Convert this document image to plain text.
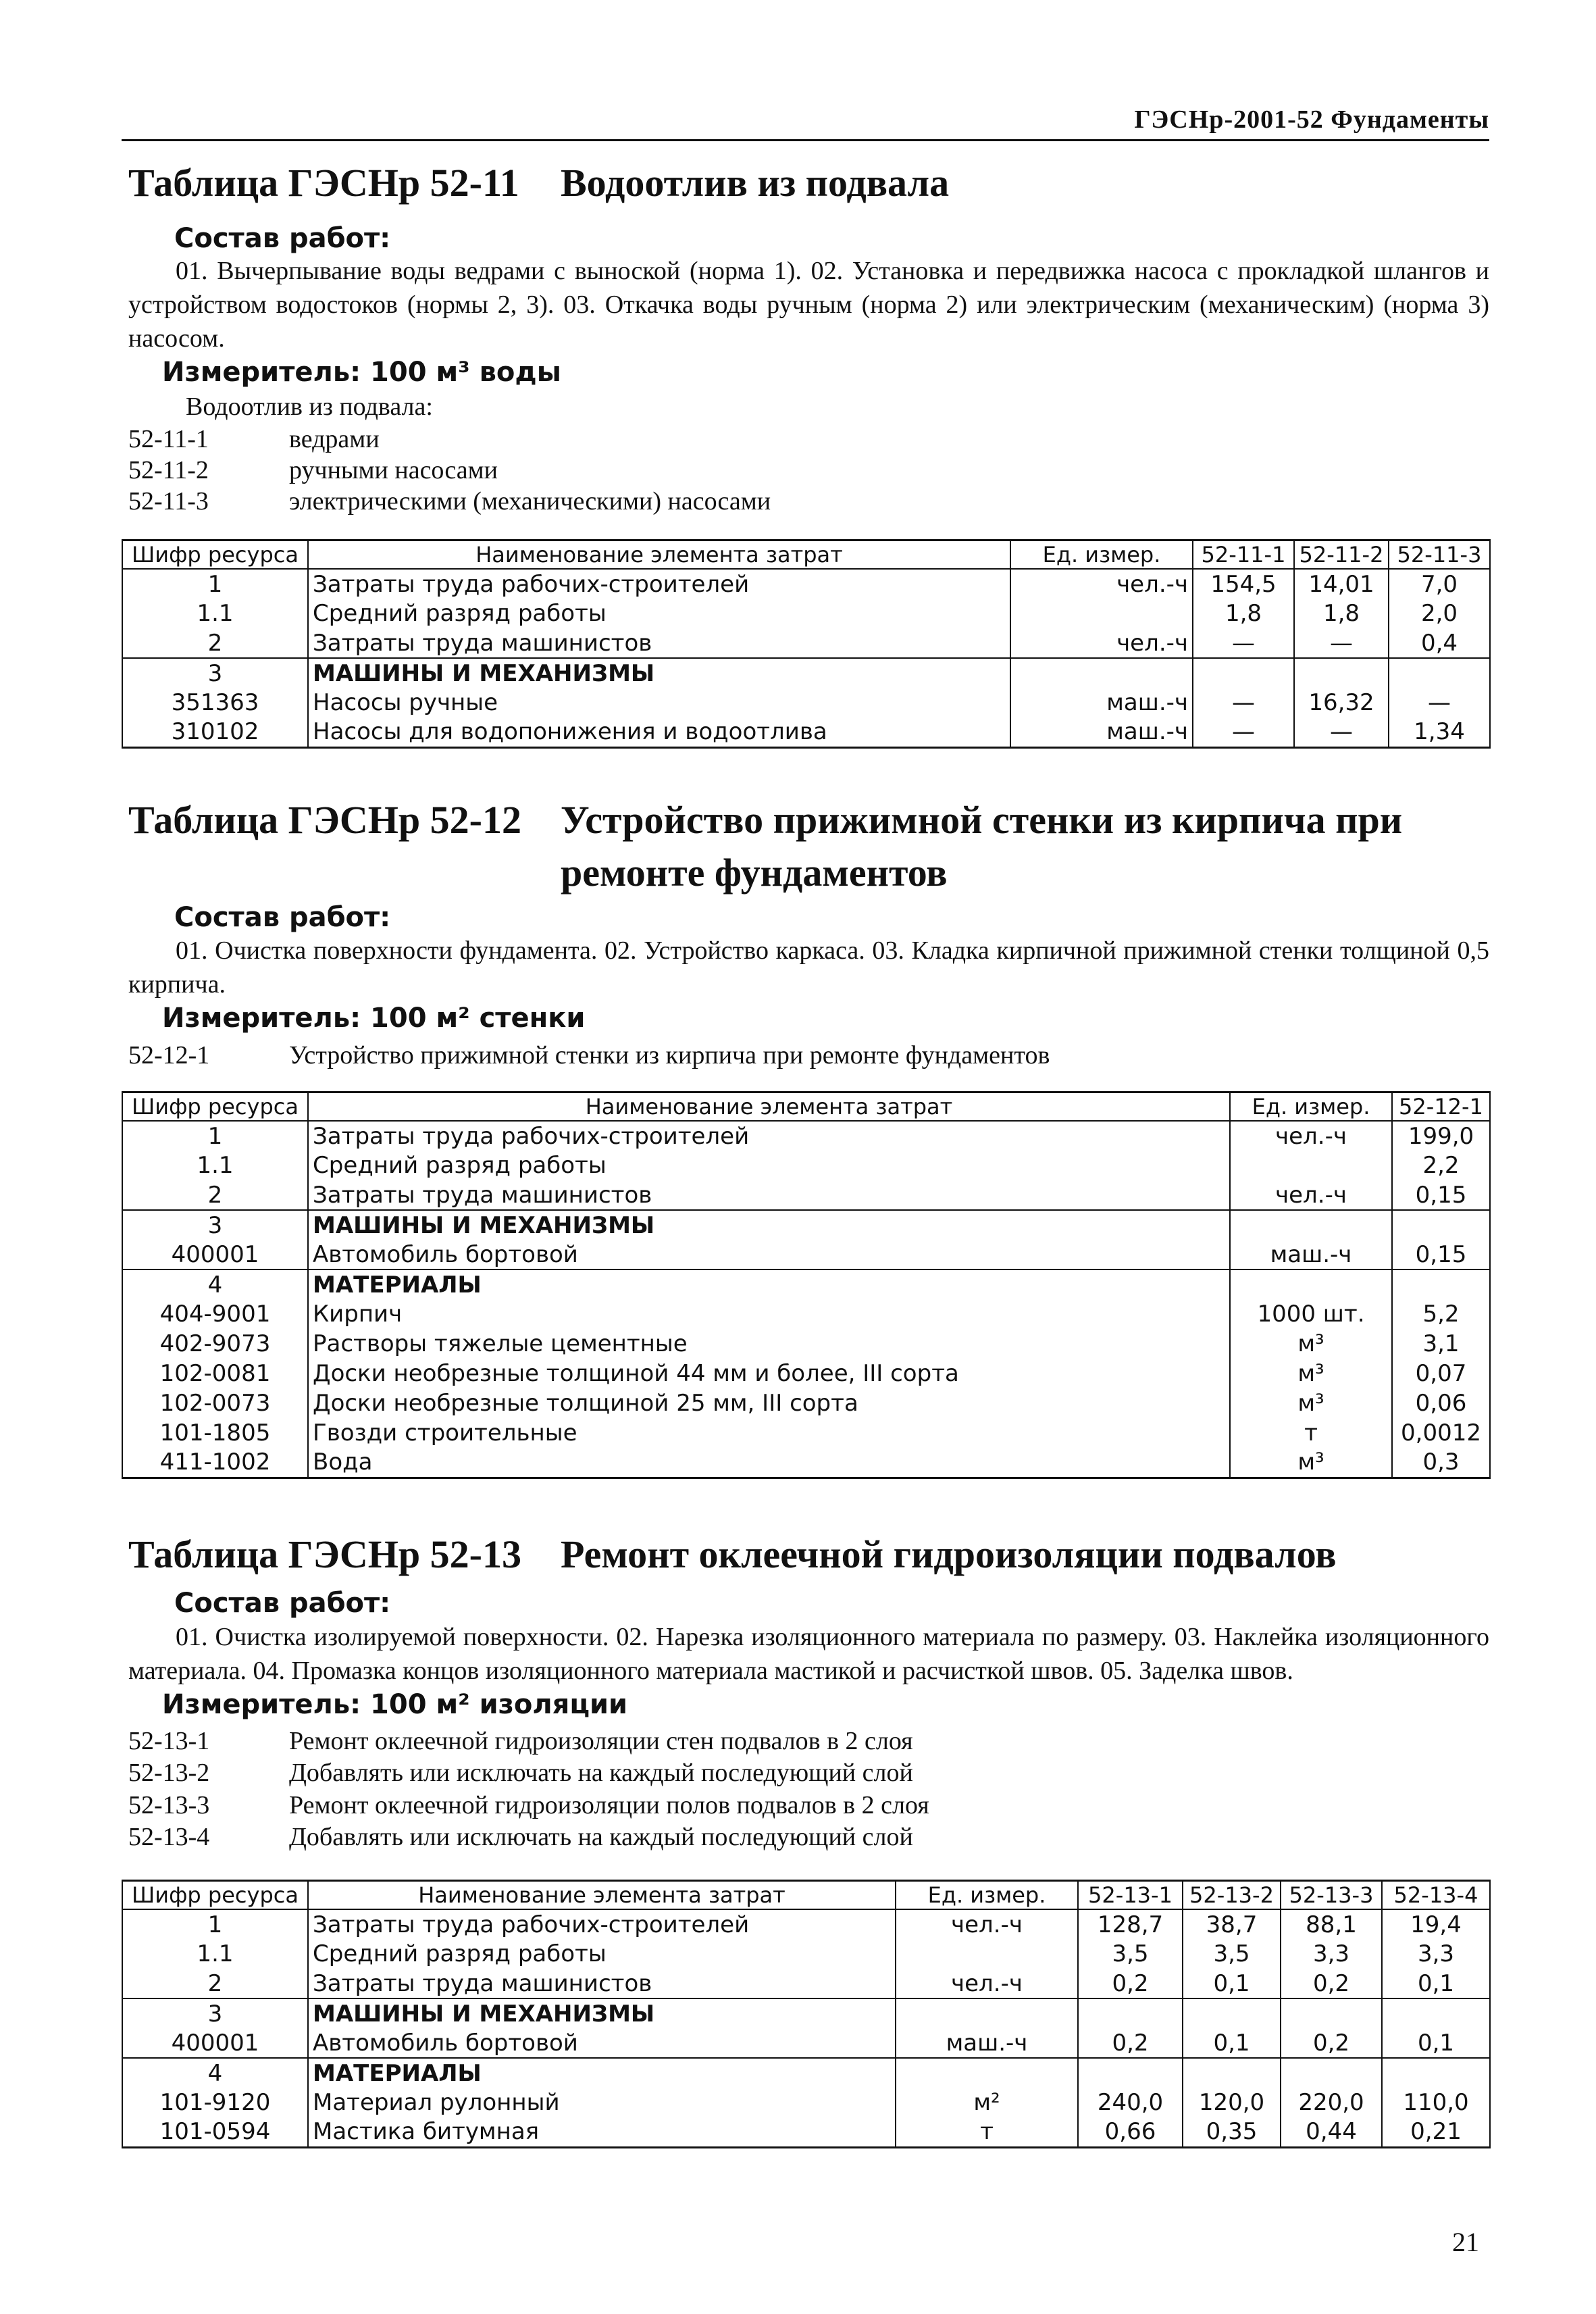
ГЭСНр-2001-52 Фундаменты
Таблица ГЭСНр 52-11	Водоотлив из подвала
Состав работ:
01. Вычерпывание воды ведрами с выноской (норма 1). 02. Установка и передвижка насоса с прокладкой шлангов и устройством водостоков (нормы 2, 3). 03. Откачка воды ручным (норма 2) или электрическим (механическим) (норма 3) насосом.
Измеритель: 100 м³ воды
Водоотлив из подвала:
52-11-1	ведрами
52-11-2	ручными насосами
52-11-3	электрическими (механическими) насосами
Шифр ресурса	Наименование элемента затрат	Ед. измер.	52-11-1	52-11-2	52-11-3
1	Затраты труда рабочих-строителей	чел.-ч	154,5	14,01	7,0
1.1	Средний разряд работы		1,8	1,8	2,0
2	Затраты труда машинистов	чел.-ч	—	—	0,4
3	МАШИНЫ И МЕХАНИЗМЫ				
351363	Насосы ручные	маш.-ч	—	16,32	—
310102	Насосы для водопонижения и водоотлива	маш.-ч	—	—	1,34
Таблица ГЭСНр 52-12	Устройство прижимной стенки из кирпича при ремонте фундаментов
Состав работ:
01. Очистка поверхности фундамента. 02. Устройство каркаса. 03. Кладка кирпичной прижимной стенки толщиной 0,5 кирпича.
Измеритель: 100 м² стенки
52-12-1	Устройство прижимной стенки из кирпича при ремонте фундаментов
Шифр ресурса	Наименование элемента затрат	Ед. измер.	52-12-1
1	Затраты труда рабочих-строителей	чел.-ч	199,0
1.1	Средний разряд работы		2,2
2	Затраты труда машинистов	чел.-ч	0,15
3	МАШИНЫ И МЕХАНИЗМЫ		
400001	Автомобиль бортовой	маш.-ч	0,15
4	МАТЕРИАЛЫ		
404-9001	Кирпич	1000 шт.	5,2
402-9073	Растворы тяжелые цементные	м³	3,1
102-0081	Доски необрезные толщиной 44 мм и более, III сорта	м³	0,07
102-0073	Доски необрезные толщиной 25 мм, III сорта	м³	0,06
101-1805	Гвозди строительные	т	0,0012
411-1002	Вода	м³	0,3
Таблица ГЭСНр 52-13	Ремонт оклеечной гидроизоляции подвалов
Состав работ:
01. Очистка изолируемой поверхности. 02. Нарезка изоляционного материала по размеру. 03. Наклейка изоляционного материала. 04. Промазка концов изоляционного материала мастикой и расчисткой швов. 05. Заделка швов.
Измеритель: 100 м² изоляции
52-13-1	Ремонт оклеечной гидроизоляции стен подвалов в 2 слоя
52-13-2	Добавлять или исключать на каждый последующий слой
52-13-3	Ремонт оклеечной гидроизоляции полов подвалов в 2 слоя
52-13-4	Добавлять или исключать на каждый последующий слой
Шифр ресурса	Наименование элемента затрат	Ед. измер.	52-13-1	52-13-2	52-13-3	52-13-4
1	Затраты труда рабочих-строителей	чел.-ч	128,7	38,7	88,1	19,4
1.1	Средний разряд работы		3,5	3,5	3,3	3,3
2	Затраты труда машинистов	чел.-ч	0,2	0,1	0,2	0,1
3	МАШИНЫ И МЕХАНИЗМЫ					
400001	Автомобиль бортовой	маш.-ч	0,2	0,1	0,2	0,1
4	МАТЕРИАЛЫ					
101-9120	Материал рулонный	м²	240,0	120,0	220,0	110,0
101-0594	Мастика битумная	т	0,66	0,35	0,44	0,21
21
